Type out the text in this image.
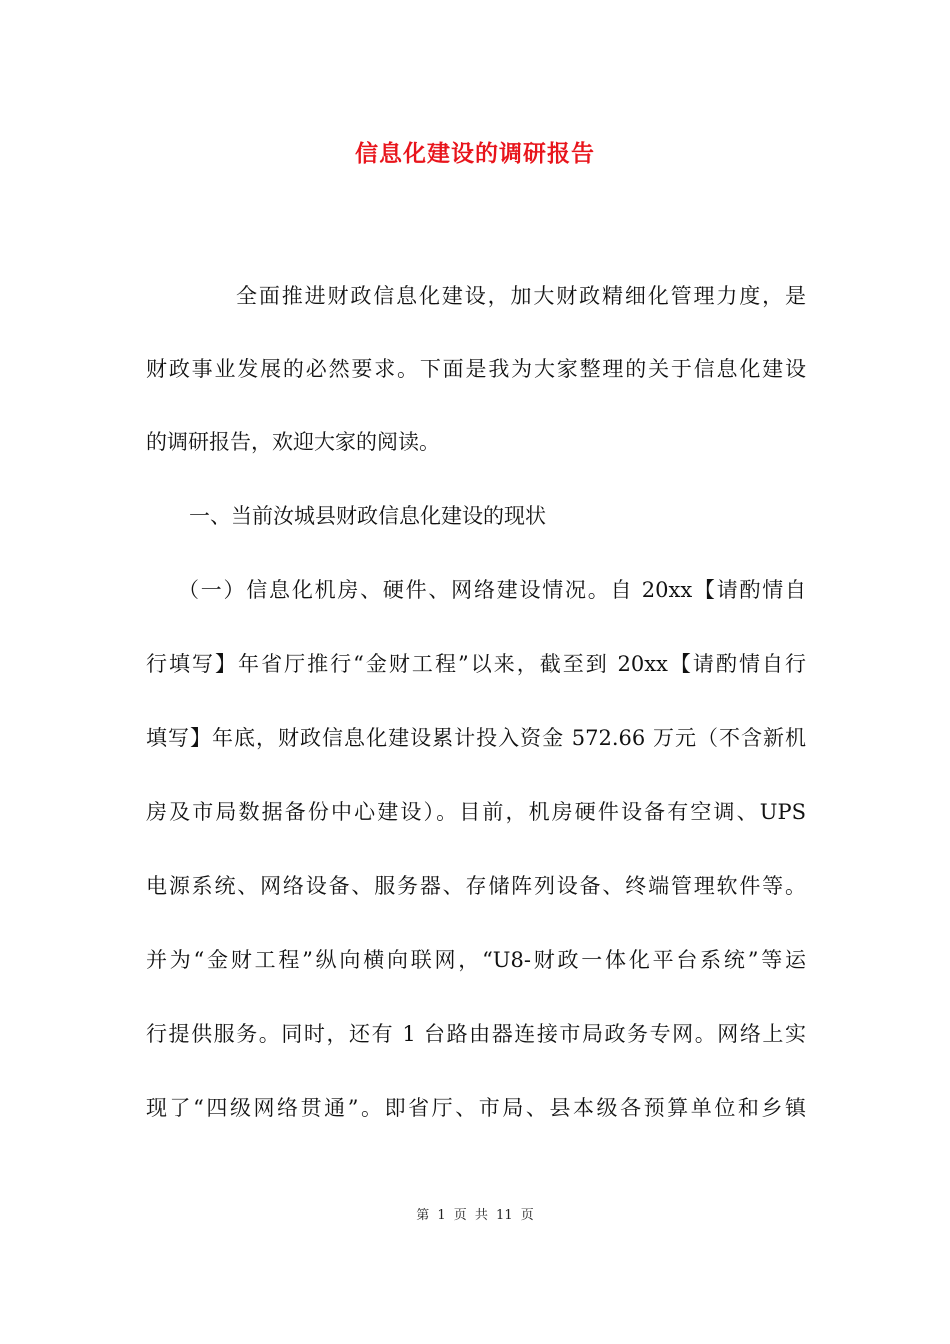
信息化建设的调研报告
全面推进财政信息化建设，加大财政精细化管理力度，是
财政事业发展的必然要求。下面是我为大家整理的关于信息化建设
的调研报告，欢迎大家的阅读。
一、当前汝城县财政信息化建设的现状
（一）信息化机房、硬件、网络建设情况。自 20xx【请酌情自
行填写】年省厅推行“金财工程”以来，截至到 20xx【请酌情自行
填写】年底，财政信息化建设累计投入资金 572.66 万元（不含新机
房及市局数据备份中心建设）。目前，机房硬件设备有空调、UPS
电源系统、网络设备、服务器、存储阵列设备、终端管理软件等。
并为“金财工程”纵向横向联网，“U8-财政一体化平台系统”等运
行提供服务。同时，还有 1 台路由器连接市局政务专网。网络上实
现了“四级网络贯通”。即省厅、市局、县本级各预算单位和乡镇
第 1 页 共 11 页
